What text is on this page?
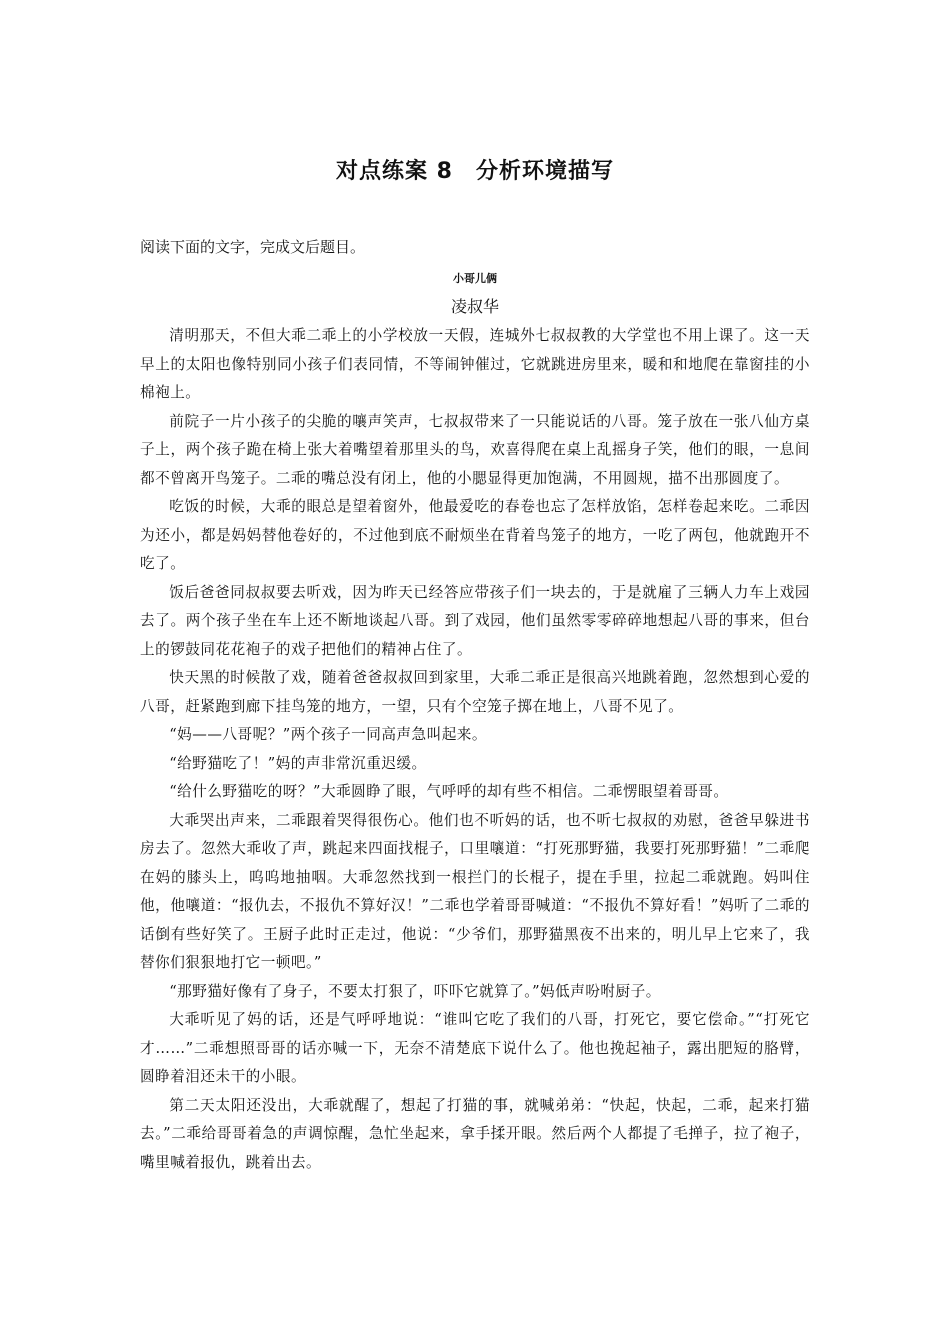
对点练案 8　分析环境描写
阅读下面的文字，完成文后题目。
小哥儿俩
凌叔华

清明那天，不但大乖二乖上的小学校放一天假，连城外七叔叔教的大学堂也不用上课了。这一天早上的太阳也像特别同小孩子们表同情，不等闹钟催过，它就跳进房里来，暖和和地爬在靠窗挂的小棉袍上。

前院子一片小孩子的尖脆的嚷声笑声，七叔叔带来了一只能说话的八哥。笼子放在一张八仙方桌子上，两个孩子跪在椅上张大着嘴望着那里头的鸟，欢喜得爬在桌上乱摇身子笑，他们的眼，一息间都不曾离开鸟笼子。二乖的嘴总没有闭上，他的小腮显得更加饱满，不用圆规，描不出那圆度了。

吃饭的时候，大乖的眼总是望着窗外，他最爱吃的春卷也忘了怎样放馅，怎样卷起来吃。二乖因为还小，都是妈妈替他卷好的，不过他到底不耐烦坐在背着鸟笼子的地方，一吃了两包，他就跑开不吃了。

饭后爸爸同叔叔要去听戏，因为昨天已经答应带孩子们一块去的，于是就雇了三辆人力车上戏园去了。两个孩子坐在车上还不断地谈起八哥。到了戏园，他们虽然零零碎碎地想起八哥的事来，但台上的锣鼓同花花袍子的戏子把他们的精神占住了。

快天黑的时候散了戏，随着爸爸叔叔回到家里，大乖二乖正是很高兴地跳着跑，忽然想到心爱的八哥，赶紧跑到廊下挂鸟笼的地方，一望，只有个空笼子掷在地上，八哥不见了。

“妈——八哥呢？”两个孩子一同高声急叫起来。

“给野猫吃了！”妈的声非常沉重迟缓。

“给什么野猫吃的呀？”大乖圆睁了眼，气呼呼的却有些不相信。二乖愣眼望着哥哥。

大乖哭出声来，二乖跟着哭得很伤心。他们也不听妈的话，也不听七叔叔的劝慰，爸爸早躲进书房去了。忽然大乖收了声，跳起来四面找棍子，口里嚷道：“打死那野猫，我要打死那野猫！”二乖爬在妈的膝头上，呜呜地抽咽。大乖忽然找到一根拦门的长棍子，提在手里，拉起二乖就跑。妈叫住他，他嚷道：“报仇去，不报仇不算好汉！”二乖也学着哥哥喊道：“不报仇不算好看！”妈听了二乖的话倒有些好笑了。王厨子此时正走过，他说：“少爷们，那野猫黑夜不出来的，明儿早上它来了，我替你们狠狠地打它一顿吧。”

“那野猫好像有了身子，不要太打狠了，吓吓它就算了。”妈低声吩咐厨子。

大乖听见了妈的话，还是气呼呼地说：“谁叫它吃了我们的八哥，打死它，要它偿命。”“打死它才……”二乖想照哥哥的话亦喊一下，无奈不清楚底下说什么了。他也挽起袖子，露出肥短的胳臂，圆睁着泪还未干的小眼。

第二天太阳还没出，大乖就醒了，想起了打猫的事，就喊弟弟：“快起，快起，二乖，起来打猫去。”二乖给哥哥着急的声调惊醒，急忙坐起来，拿手揉开眼。然后两个人都提了毛掸子，拉了袍子，嘴里喊着报仇，跳着出去。
